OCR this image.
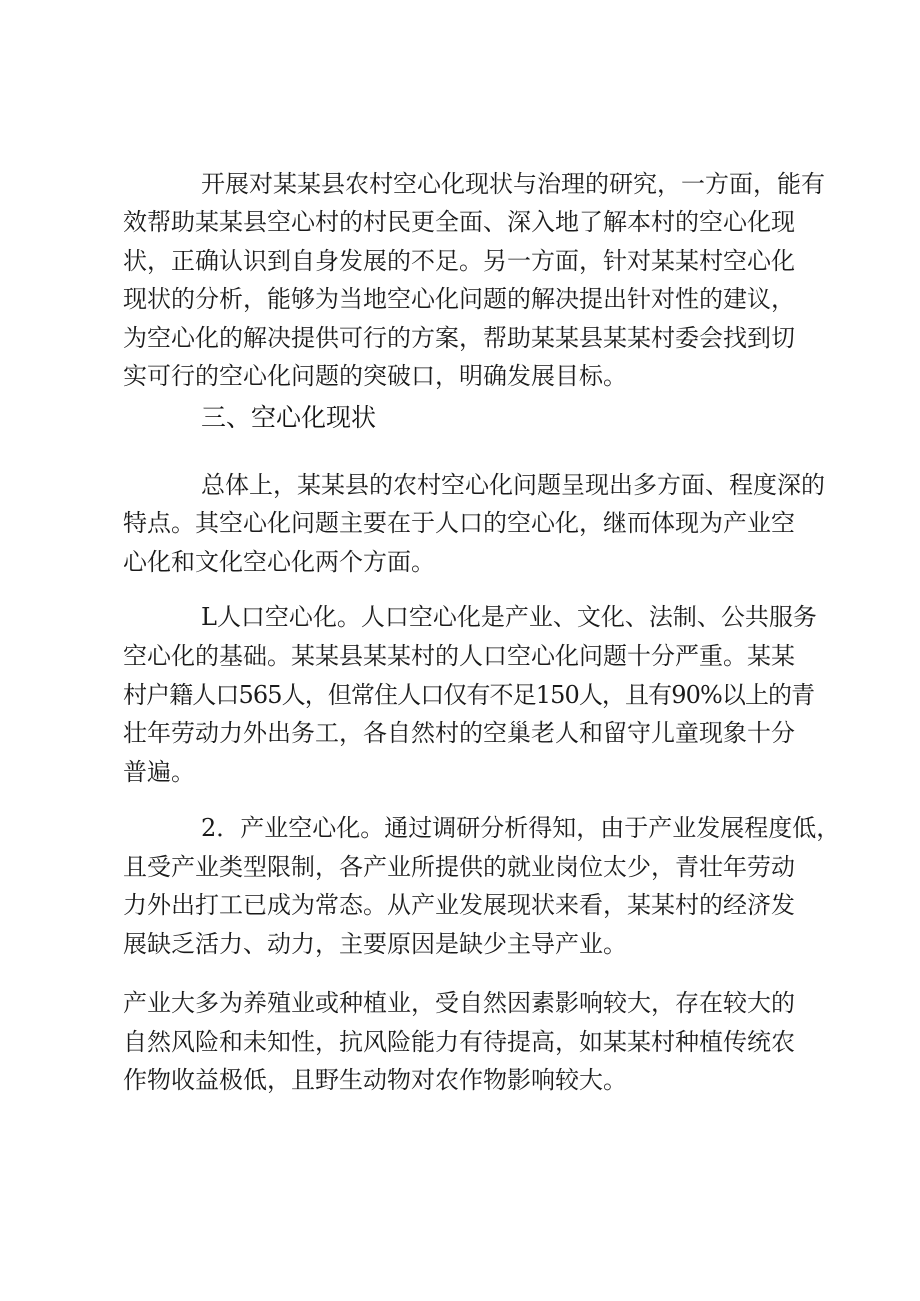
开展对某某县农村空心化现状与治理的研究，一方面，能有
效帮助某某县空心村的村民更全面、深入地了解本村的空心化现
状，正确认识到自身发展的不足。另一方面，针对某某村空心化
现状的分析，能够为当地空心化问题的解决提出针对性的建议，
为空心化的解决提供可行的方案，帮助某某县某某村委会找到切
实可行的空心化问题的突破口，明确发展目标。
三、空心化现状
总体上，某某县的农村空心化问题呈现出多方面、程度深的
特点。其空心化问题主要在于人口的空心化，继而体现为产业空
心化和文化空心化两个方面。
L人口空心化。人口空心化是产业、文化、法制、公共服务
空心化的基础。某某县某某村的人口空心化问题十分严重。某某
村户籍人口565人，但常住人口仅有不足150人，且有90%以上的青
壮年劳动力外出务工，各自然村的空巢老人和留守儿童现象十分
普遍。
2．产业空心化。通过调研分析得知，由于产业发展程度低，
且受产业类型限制，各产业所提供的就业岗位太少，青壮年劳动
力外出打工已成为常态。从产业发展现状来看，某某村的经济发
展缺乏活力、动力，主要原因是缺少主导产业。
产业大多为养殖业或种植业，受自然因素影响较大，存在较大的
自然风险和未知性，抗风险能力有待提高，如某某村种植传统农
作物收益极低，且野生动物对农作物影响较大。
